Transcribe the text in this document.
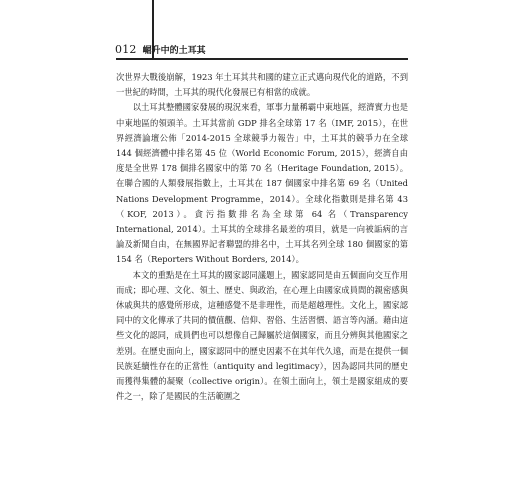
012 崛升中的土耳其

次世界大戰後崩解，1923 年土耳其共和國的建立正式邁向現代化的道路，不到一世紀的時間，土耳其的現代化發展已有相當的成就。

以土耳其整體國家發展的現況來看，軍事力量稱霸中東地區，經濟實力也是中東地區的領頭羊。土耳其當前 GDP 排名全球第 17 名（IMF, 2015），在世界經濟論壇公佈「2014-2015 全球競爭力報告」中，土耳其的競爭力在全球 144 個經濟體中排名第 45 位（World Economic Forum, 2015），經濟自由度是全世界 178 個排名國家中的第 70 名（Heritage Foundation, 2015）。在聯合國的人類發展指數上，土耳其在 187 個國家中排名第 69 名（United Nations Development Programme，2014）。全球化指數則是排名第 43（KOF, 2013）。貪污指數排名為全球第 64 名（Transparency International, 2014）。土耳其的全球排名最差的項目，就是一向被詬病的言論及新聞自由，在無國界記者聯盟的排名中，土耳其名列全球 180 個國家的第 154 名（Reporters Without Borders, 2014）。

本文的重點是在土耳其的國家認同議題上，國家認同是由五個面向交互作用而成；即心理、文化、領土、歷史、與政治，在心理上由國家成員間的親密感與休戚與共的感覺所形成，這種感覺不是非理性，而是超越理性。文化上，國家認同中的文化傳承了共同的價值觀、信仰、習俗、生活習慣、語言等內涵。藉由這些文化的認同，成員們也可以想像自己歸屬於這個國家，而且分辨與其他國家之差別。在歷史面向上，國家認同中的歷史因素不在其年代久遠，而是在提供一個民族延續性存在的正當性（antiquity and legitimacy），因為認同共同的歷史而獲得集體的凝聚（collective origin）。在領土面向上，領土是國家組成的要件之一，除了是國民的生活範圍之
